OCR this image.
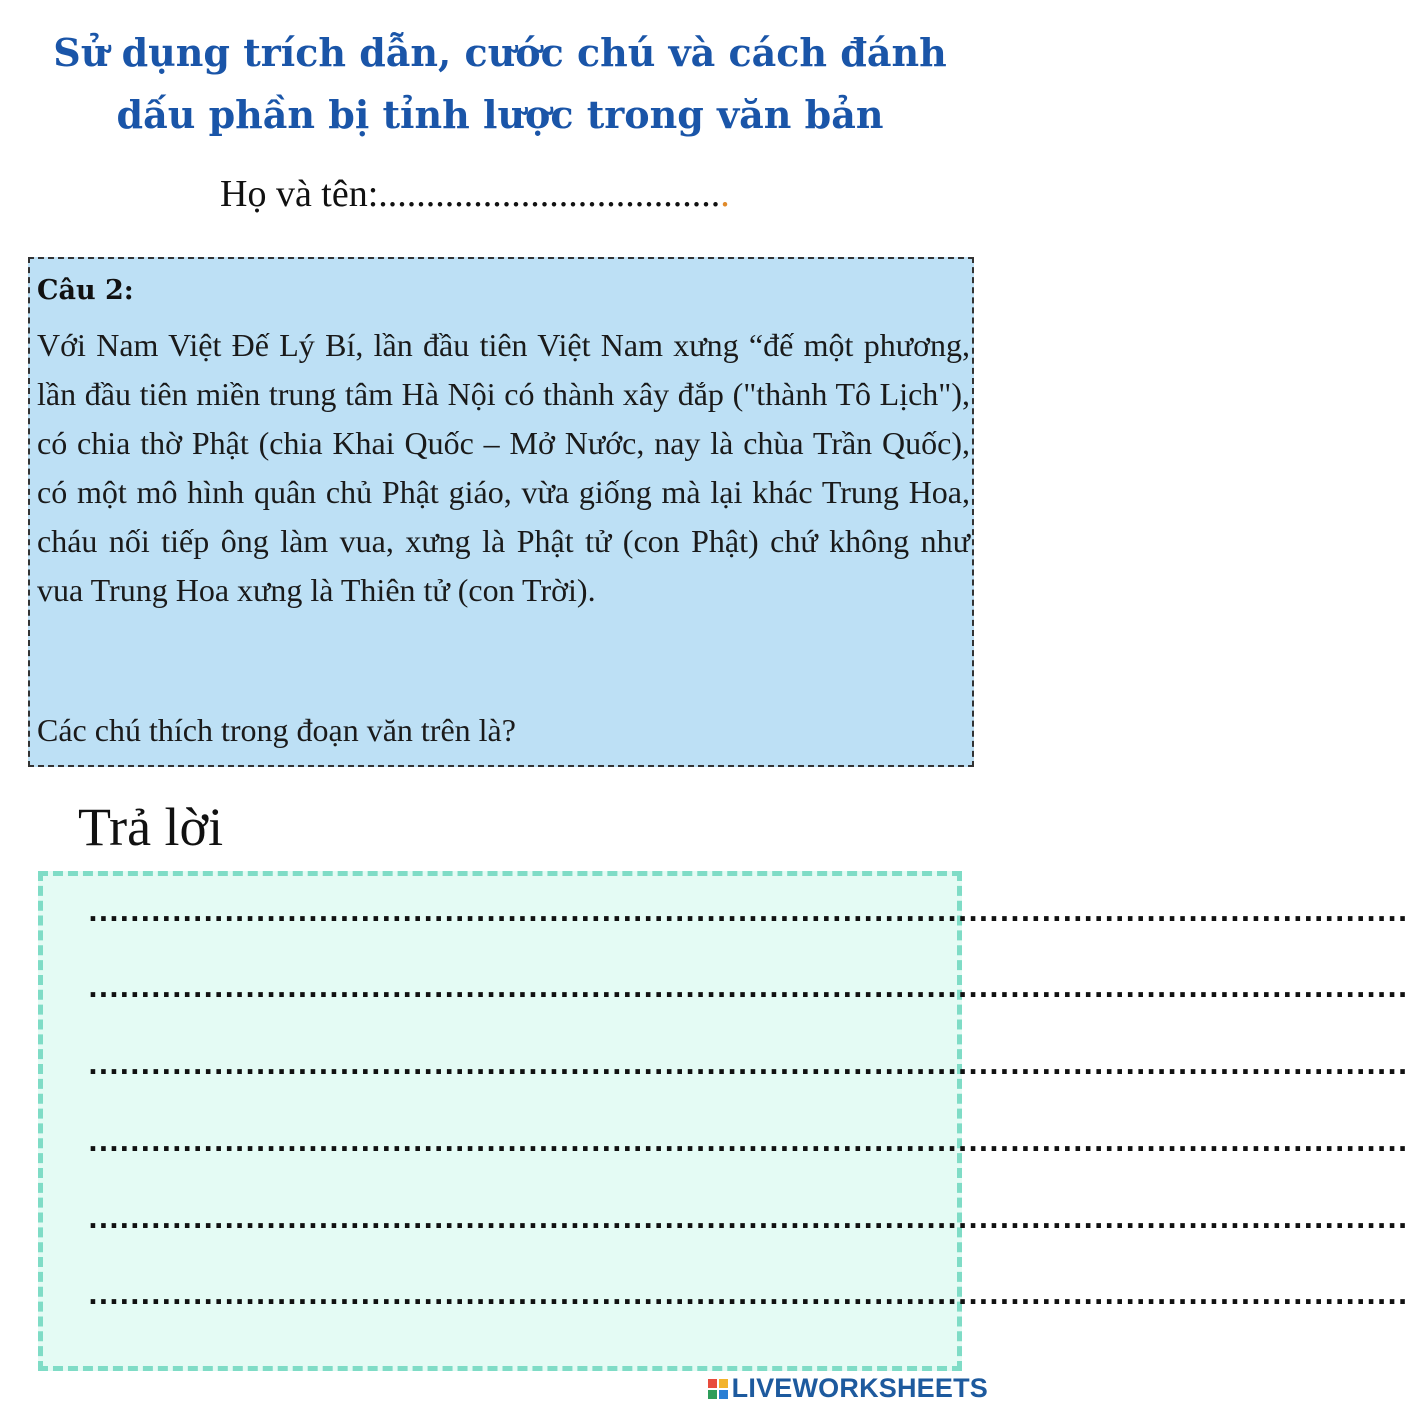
Sử dụng trích dẫn, cước chú và cách đánh
dấu phần bị tỉnh lược trong văn bản
Họ và tên:.....................................
Câu 2:

Với Nam Việt Đế Lý Bí, lần đầu tiên Việt Nam xưng “đế một phương, lần đầu tiên miền trung tâm Hà Nội có thành xây đắp ("thành Tô Lịch"), có chia thờ Phật (chia Khai Quốc – Mở Nước, nay là chùa Trần Quốc), có một mô hình quân chủ Phật giáo, vừa giống mà lại khác Trung Hoa, cháu nối tiếp ông làm vua, xưng là Phật tử (con Phật) chứ không như vua Trung Hoa xưng là Thiên tử (con Trời).

Các chú thích trong đoạn văn trên là?
Trả lời
..............................................................................................................................
..............................................................................................................................
..............................................................................................................................
..............................................................................................................................
..............................................................................................................................
..............................................................................................................................
LIVEWORKSHEETS
